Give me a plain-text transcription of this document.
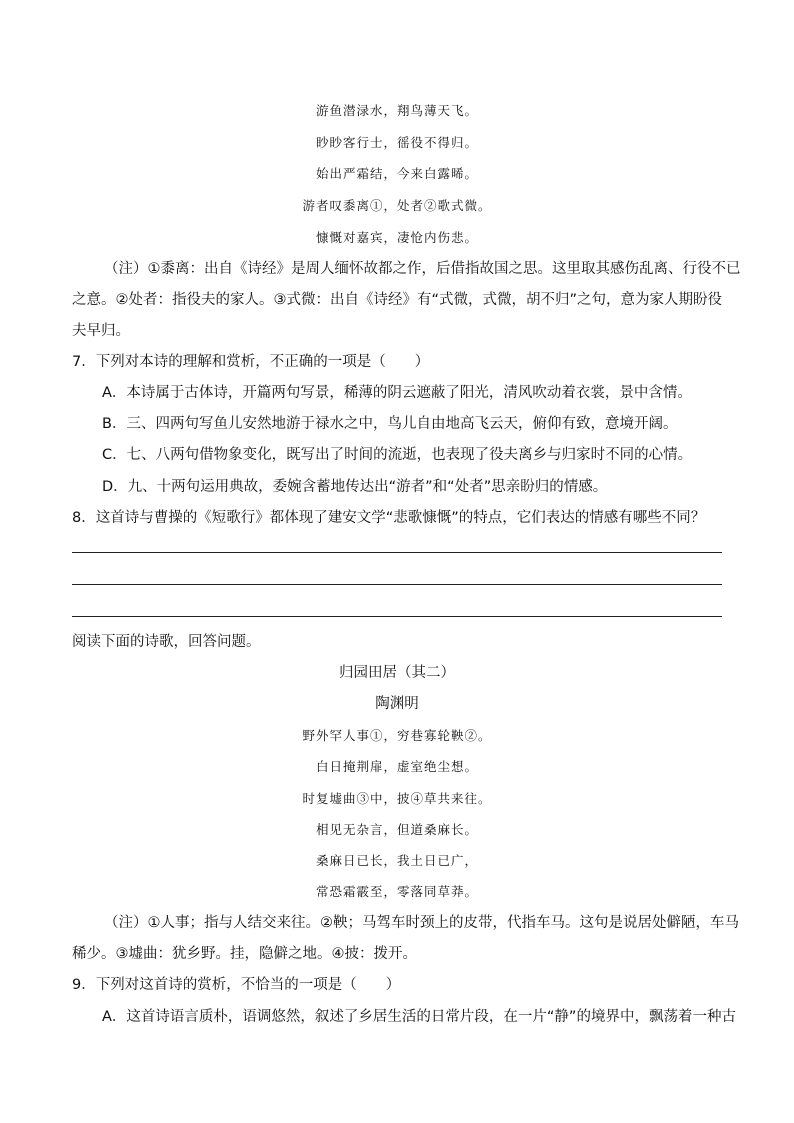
游鱼潜渌水，翔鸟薄天飞。
眇眇客行士，徭役不得归。
始出严霜结，今来白露晞。
游者叹黍离①，处者②歌式微。
慷慨对嘉宾，凄怆内伤悲。
（注）①黍离：出自《诗经》是周人缅怀故都之作，后借指故国之思。这里取其感伤乱离、行役不已
之意。②处者：指役夫的家人。③式微：出自《诗经》有“式微，式微，胡不归”之句，意为家人期盼役
夫早归。
7．下列对本诗的理解和赏析，不正确的一项是（　　）
A．本诗属于古体诗，开篇两句写景，稀薄的阴云遮蔽了阳光，清风吹动着衣裳，景中含情。
B．三、四两句写鱼儿安然地游于禄水之中，鸟儿自由地高飞云天，俯仰有致，意境开阔。
C．七、八两句借物象变化，既写出了时间的流逝，也表现了役夫离乡与归家时不同的心情。
D．九、十两句运用典故，委婉含蓄地传达出“游者”和“处者”思亲盼归的情感。
8．这首诗与曹操的《短歌行》都体现了建安文学“悲歌慷慨”的特点，它们表达的情感有哪些不同？
阅读下面的诗歌，回答问题。
归园田居（其二）
陶渊明
野外罕人事①，穷巷寡轮鞅②。
白日掩荆扉，虚室绝尘想。
时复墟曲③中，披④草共来往。
相见无杂言，但道桑麻长。
桑麻日已长，我土日已广，
常恐霜霰至，零落同草莽。
（注）①人事；指与人结交来往。②鞅；马驾车时颈上的皮带，代指车马。这句是说居处僻陋，车马
稀少。③墟曲：犹乡野。挂，隐僻之地。④披：拨开。
9．下列对这首诗的赏析，不恰当的一项是（　　）
A．这首诗语言质朴，语调悠然，叙述了乡居生活的日常片段，在一片“静”的境界中，飘荡着一种古
